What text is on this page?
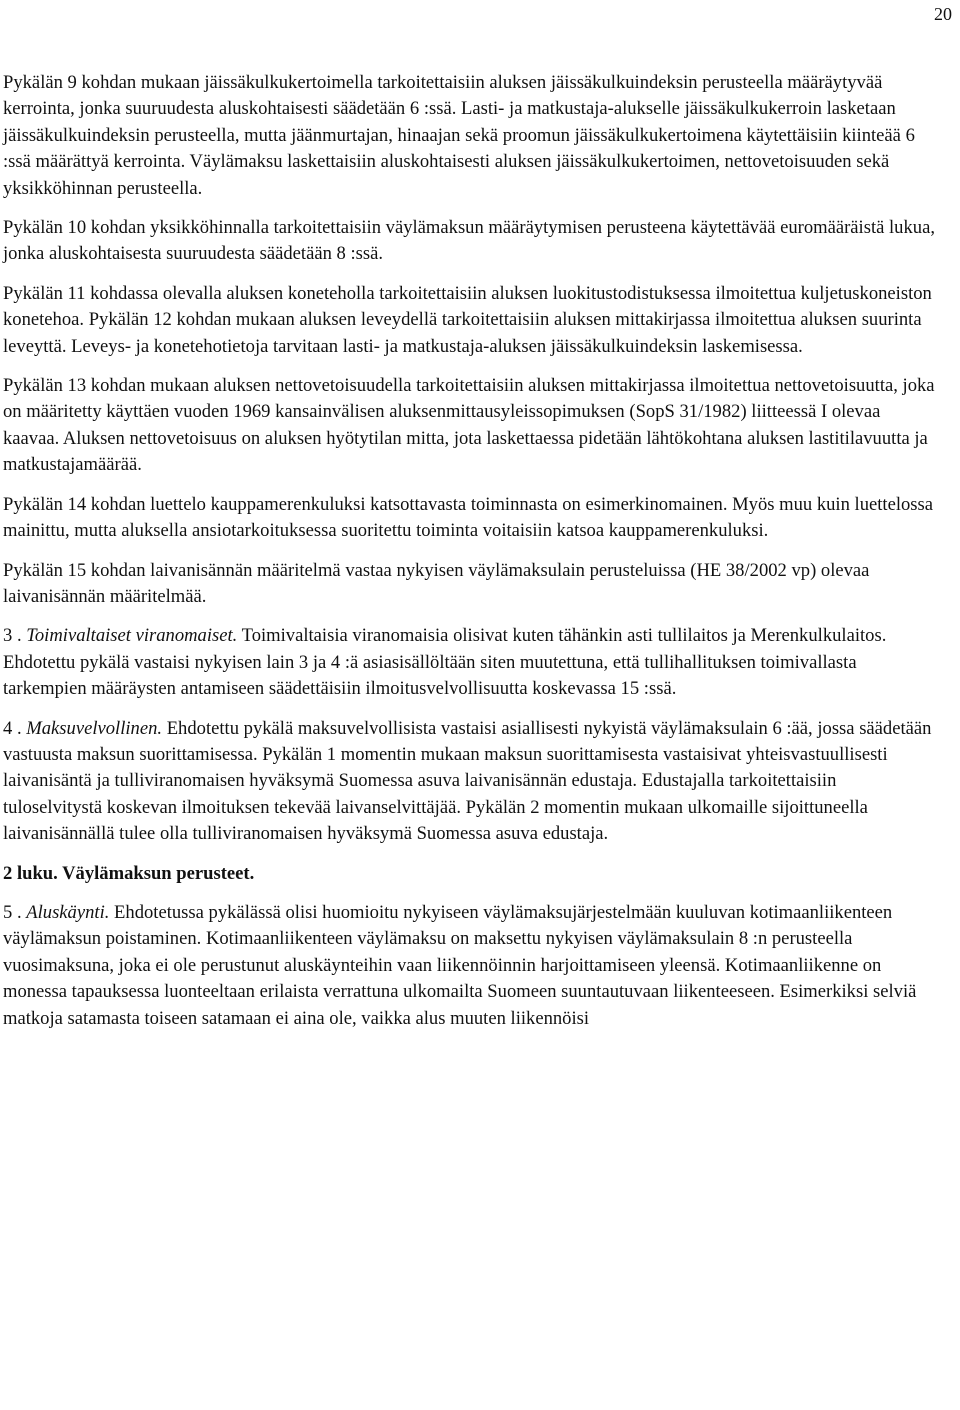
20

Pykälän 9 kohdan mukaan jäissäkulkukertoimella tarkoitettaisiin aluksen jäissäkulkuindeksin perusteella määräytyvää kerrointa, jonka suuruudesta aluskohtaisesti säädetään 6 :ssä. Lasti- ja matkustaja-alukselle jäissäkulkukerroin lasketaan jäissäkulkuindeksin perusteella, mutta jäänmurtajan, hinaajan sekä proomun jäissäkulkukertoimena käytettäisiin kiinteää 6 :ssä määrättyä kerrointa. Väylämaksu laskettaisiin aluskohtaisesti aluksen jäissäkulkukertoimen, nettovetoisuuden sekä yksikköhinnan perusteella.

Pykälän 10 kohdan yksikköhinnalla tarkoitettaisiin väylämaksun määräytymisen perusteena käytettävää euromääräistä lukua, jonka aluskohtaisesta suuruudesta säädetään 8 :ssä.

Pykälän 11 kohdassa olevalla aluksen koneteholla tarkoitettaisiin aluksen luokitustodistuksessa ilmoitettua kuljetuskoneiston konetehoa. Pykälän 12 kohdan mukaan aluksen leveydellä tarkoitettaisiin aluksen mittakirjassa ilmoitettua aluksen suurinta leveyttä. Leveys- ja konetehotietoja tarvitaan lasti- ja matkustaja-aluksen jäissäkulkuindeksin laskemisessa.

Pykälän 13 kohdan mukaan aluksen nettovetoisuudella tarkoitettaisiin aluksen mittakirjassa ilmoitettua nettovetoisuutta, joka on määritetty käyttäen vuoden 1969 kansainvälisen aluksenmittausyleissopimuksen (SopS 31/1982) liitteessä I olevaa kaavaa. Aluksen nettovetoisuus on aluksen hyötytilan mitta, jota laskettaessa pidetään lähtökohtana aluksen lastitilavuutta ja matkustajamäärää.

Pykälän 14 kohdan luettelo kauppamerenkuluksi katsottavasta toiminnasta on esimerkinomainen. Myös muu kuin luettelossa mainittu, mutta aluksella ansiotarkoituksessa suoritettu toiminta voitaisiin katsoa kauppamerenkuluksi.

Pykälän 15 kohdan laivanisännän määritelmä vastaa nykyisen väylämaksulain perusteluissa (HE 38/2002 vp) olevaa laivanisännän määritelmää.

3 . Toimivaltaiset viranomaiset. Toimivaltaisia viranomaisia olisivat kuten tähänkin asti tullilaitos ja Merenkulkulaitos. Ehdotettu pykälä vastaisi nykyisen lain 3 ja 4 :ä asiasisällöltään siten muutettuna, että tullihallituksen toimivallasta tarkempien määräysten antamiseen säädettäisiin ilmoitusvelvollisuutta koskevassa 15 :ssä.

4 . Maksuvelvollinen. Ehdotettu pykälä maksuvelvollisista vastaisi asiallisesti nykyistä väylämaksulain 6 :ää, jossa säädetään vastuusta maksun suorittamisessa. Pykälän 1 momentin mukaan maksun suorittamisesta vastaisivat yhteisvastuullisesti laivanisäntä ja tulliviranomaisen hyväksymä Suomessa asuva laivanisännän edustaja. Edustajalla tarkoitettaisiin tuloselvitystä koskevan ilmoituksen tekevää laivanselvittäjää. Pykälän 2 momentin mukaan ulkomaille sijoittuneella laivanisännällä tulee olla tulliviranomaisen hyväksymä Suomessa asuva edustaja.

2 luku. Väylämaksun perusteet.

5 . Aluskäynti. Ehdotetussa pykälässä olisi huomioitu nykyiseen väylämaksujärjestelmään kuuluvan kotimaanliikenteen väylämaksun poistaminen. Kotimaanliikenteen väylämaksu on maksettu nykyisen väylämaksulain 8 :n perusteella vuosimaksuna, joka ei ole perustunut aluskäynteihin vaan liikennöinnin harjoittamiseen yleensä. Kotimaanliikenne on monessa tapauksessa luonteeltaan erilaista verrattuna ulkomailta Suomeen suuntautuvaan liikenteeseen. Esimerkiksi selviä matkoja satamasta toiseen satamaan ei aina ole, vaikka alus muuten liikennöisi
